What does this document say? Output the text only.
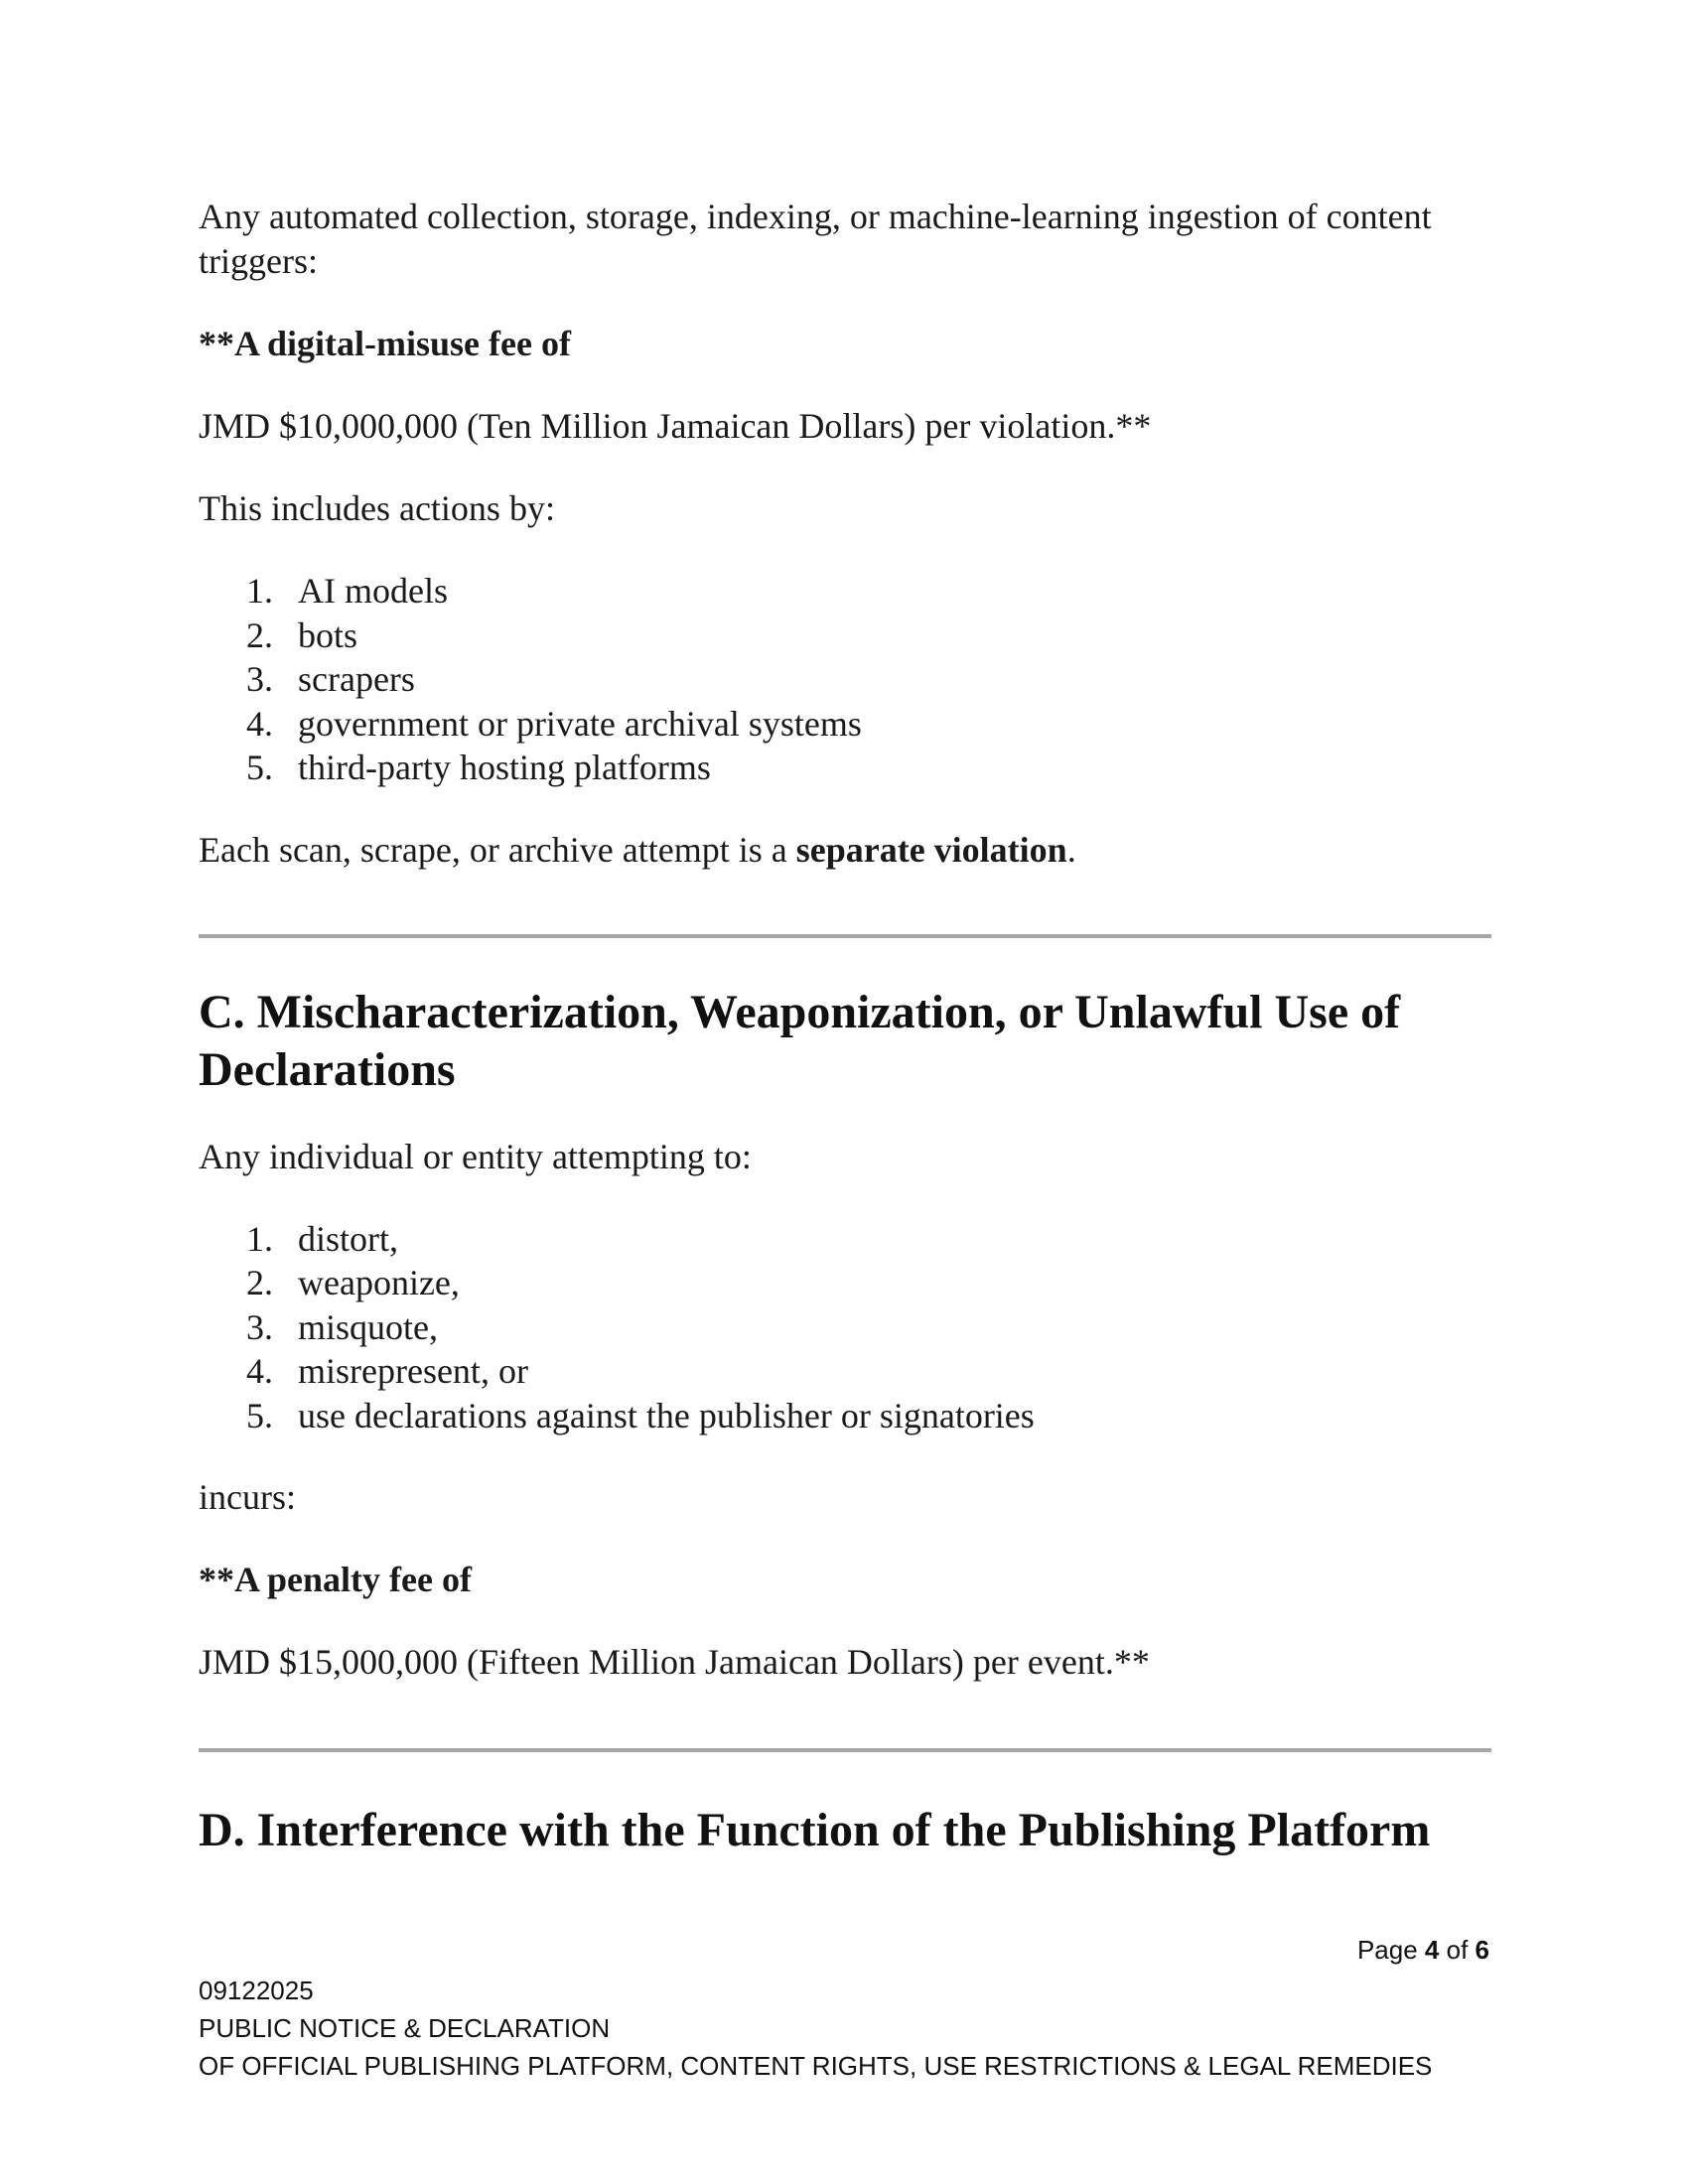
Any automated collection, storage, indexing, or machine-learning ingestion of content triggers:

**A digital-misuse fee of

JMD $10,000,000 (Ten Million Jamaican Dollars) per violation.**

This includes actions by:

1. AI models
2. bots
3. scrapers
4. government or private archival systems
5. third-party hosting platforms

Each scan, scrape, or archive attempt is a separate violation.

C. Mischaracterization, Weaponization, or Unlawful Use of Declarations

Any individual or entity attempting to:

1. distort,
2. weaponize,
3. misquote,
4. misrepresent, or
5. use declarations against the publisher or signatories

incurs:

**A penalty fee of

JMD $15,000,000 (Fifteen Million Jamaican Dollars) per event.**

D. Interference with the Function of the Publishing Platform
Page 4 of 6
09122025
PUBLIC NOTICE & DECLARATION
OF OFFICIAL PUBLISHING PLATFORM, CONTENT RIGHTS, USE RESTRICTIONS & LEGAL REMEDIES
